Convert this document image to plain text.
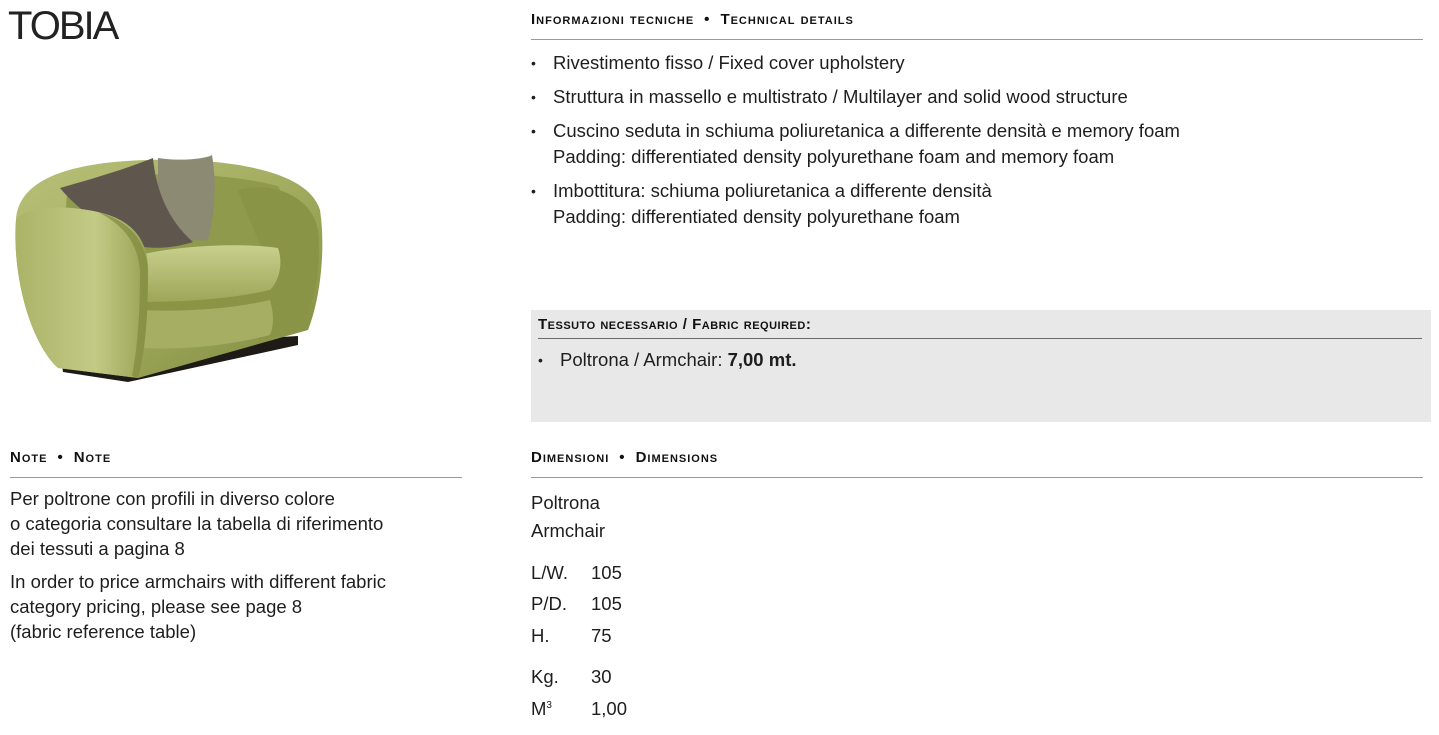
TOBIA	Informazioni tecniche • Technical details
• Rivestimento fisso / Fixed cover upholstery
• Struttura in massello e multistrato / Multilayer and solid wood structure
• Cuscino seduta in schiuma poliuretanica a differente densità e memory foam
Padding: differentiated density polyurethane foam and memory foam
• Imbottitura: schiuma poliuretanica a differente densità
Padding: differentiated density polyurethane foam
Tessuto necessario / Fabric required:
• Poltrona / Armchair: 7,00 mt.
Note • Note
Per poltrone con profili in diverso colore
o categoria consultare la tabella di riferimento
dei tessuti a pagina 8
In order to price armchairs with different fabric
category pricing, please see page 8
(fabric reference table)
Dimensioni • Dimensions
Poltrona
Armchair
L/W.	105
P/D.	105
H.	75
Kg.	30
$M^3$	1,00
